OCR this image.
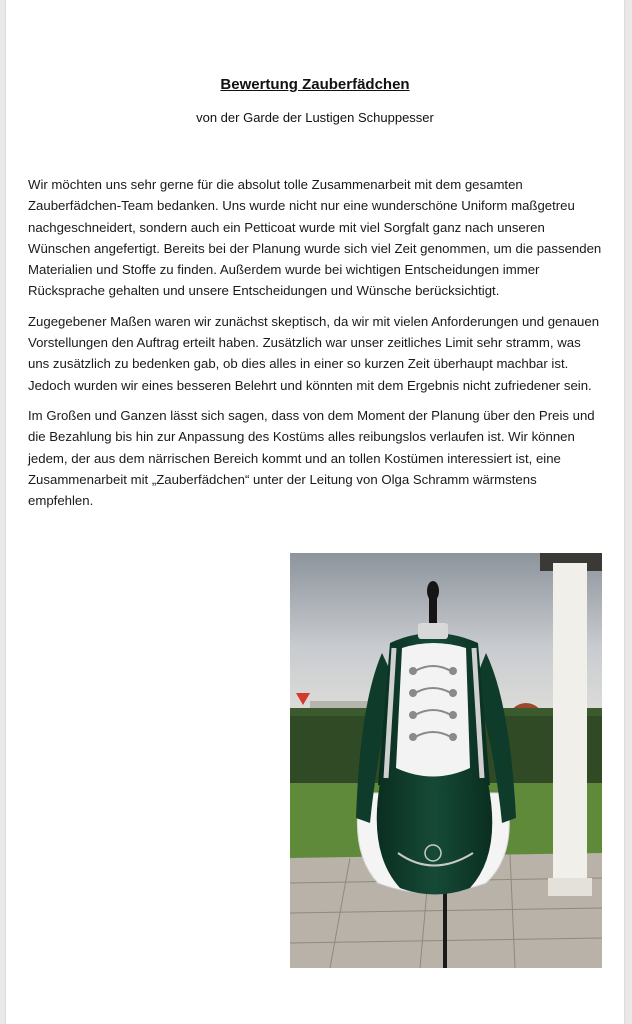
Bewertung Zauberfädchen
von der Garde der Lustigen Schuppesser

Wir möchten uns sehr gerne für die absolut tolle Zusammenarbeit mit dem gesamten Zauberfädchen-Team bedanken. Uns wurde nicht nur eine wunderschöne Uniform maßgetreu nachgeschneidert, sondern auch ein Petticoat wurde mit viel Sorgfalt ganz nach unseren Wünschen angefertigt. Bereits bei der Planung wurde sich viel Zeit genommen, um die passenden Materialien und Stoffe zu finden. Außerdem wurde bei wichtigen Entscheidungen immer Rücksprache gehalten und unsere Entscheidungen und Wünsche berücksichtigt.

Zugegebener Maßen waren wir zunächst skeptisch, da wir mit vielen Anforderungen und genauen Vorstellungen den Auftrag erteilt haben. Zusätzlich war unser zeitliches Limit sehr stramm, was uns zusätzlich zu bedenken gab, ob dies alles in einer so kurzen Zeit überhaupt machbar ist. Jedoch wurden wir eines besseren Belehrt und könnten mit dem Ergebnis nicht zufriedener sein.

Im Großen und Ganzen lässt sich sagen, dass von dem Moment der Planung über den Preis und die Bezahlung bis hin zur Anpassung des Kostüms alles reibungslos verlaufen ist. Wir können jedem, der aus dem närrischen Bereich kommt und an tollen Kostümen interessiert ist, eine Zusammenarbeit mit „Zauberfädchen“ unter der Leitung von Olga Schramm wärmstens empfehlen.
